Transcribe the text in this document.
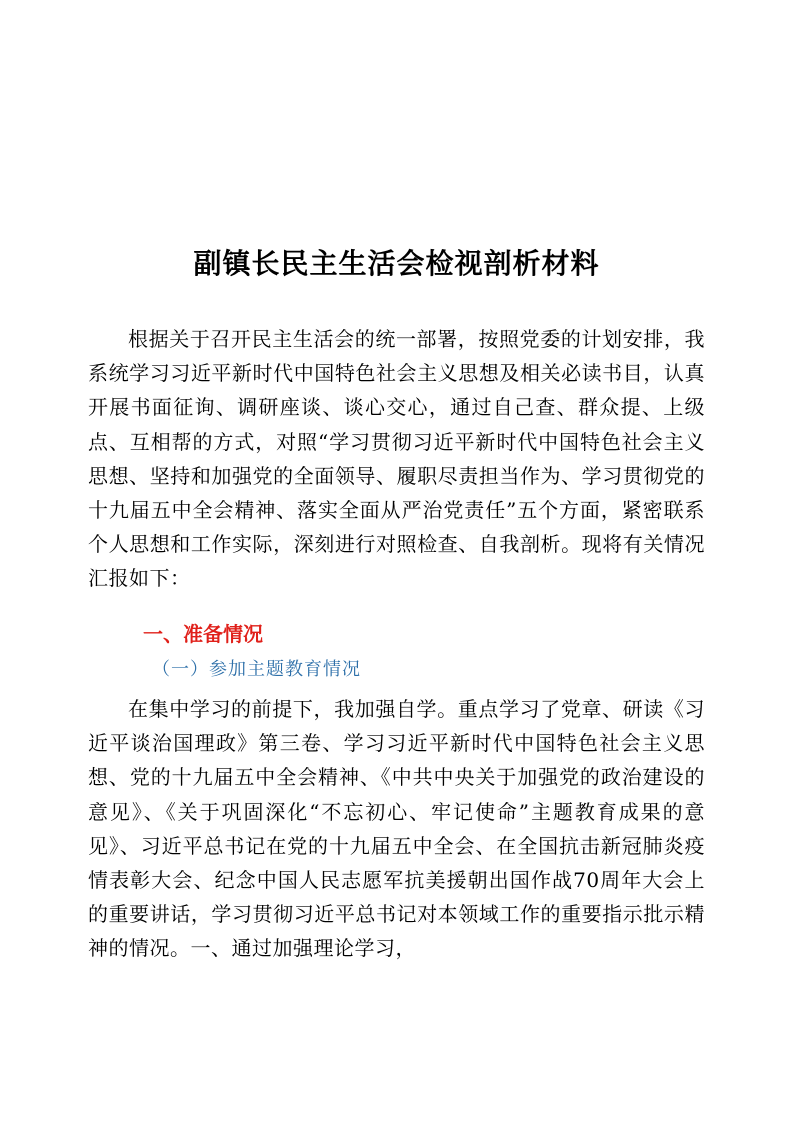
副镇长民主生活会检视剖析材料
根据关于召开民主生活会的统一部署，按照党委的计划安排，我系统学习习近平新时代中国特色社会主义思想及相关必读书目，认真开展书面征询、调研座谈、谈心交心，通过自己查、群众提、上级点、互相帮的方式，对照“学习贯彻习近平新时代中国特色社会主义思想、坚持和加强党的全面领导、履职尽责担当作为、学习贯彻党的十九届五中全会精神、落实全面从严治党责任”五个方面，紧密联系个人思想和工作实际，深刻进行对照检查、自我剖析。现将有关情况汇报如下：
一、准备情况
（一）参加主题教育情况
在集中学习的前提下，我加强自学。重点学习了党章、研读《习近平谈治国理政》第三卷、学习习近平新时代中国特色社会主义思想、党的十九届五中全会精神、《中共中央关于加强党的政治建设的意见》、《关于巩固深化“不忘初心、牢记使命”主题教育成果的意见》、习近平总书记在党的十九届五中全会、在全国抗击新冠肺炎疫情表彰大会、纪念中国人民志愿军抗美援朝出国作战70周年大会上的重要讲话，学习贯彻习近平总书记对本领域工作的重要指示批示精神的情况。一、通过加强理论学习，
